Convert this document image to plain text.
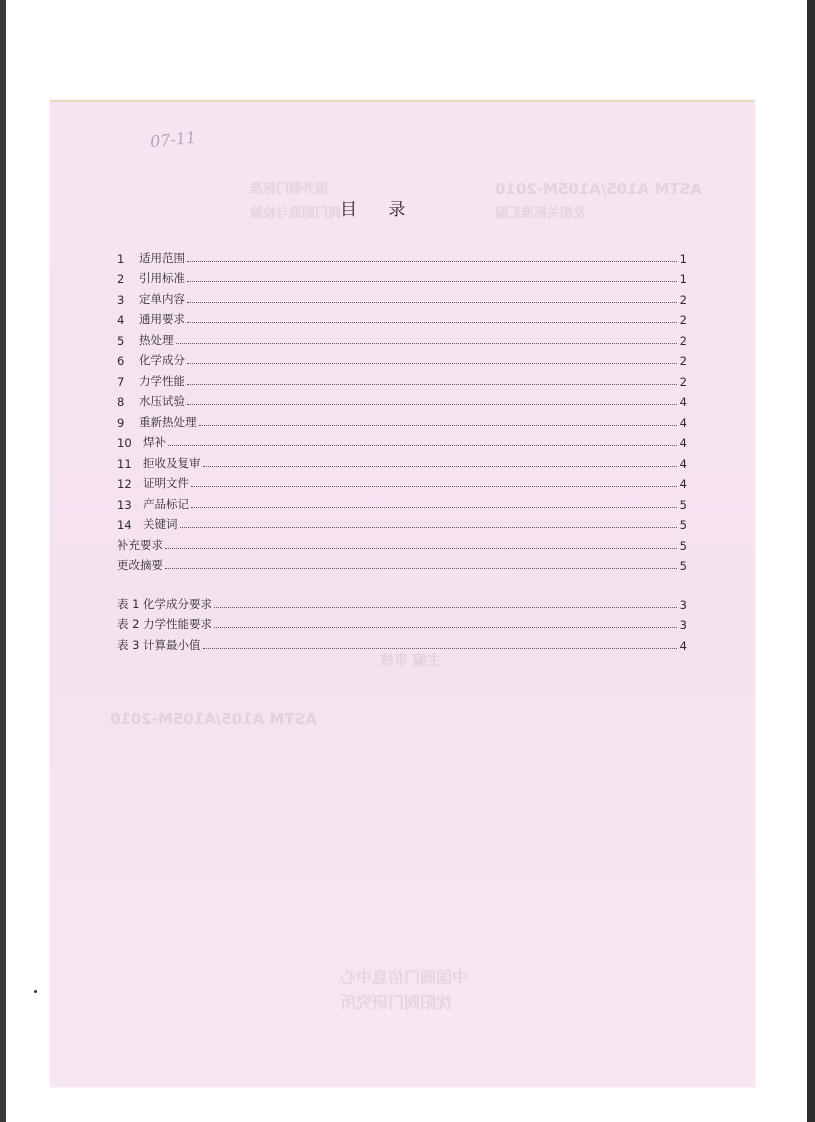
ASTM A105/A105M-2010
国外钢门标准
阀门制造与检验	及相关标准汇编
主编 审核
ASTM A105/A105M-2010
中国阀门信息中心
沈阳阀门研究所
07-11
目 录
1	适用范围	1
2	引用标准	1
3	定单内容	2
4	通用要求	2
5	热处理	2
6	化学成分	2
7	力学性能	2
8	水压试验	4
9	重新热处理	4
10 焊补	4
11 拒收及复审	4
12 证明文件	4
13 产品标记	5
14 关键词	5
补充要求	5
更改摘要	5
表 1 化学成分要求	3
表 2 力学性能要求	3
表 3 计算最小值	4
